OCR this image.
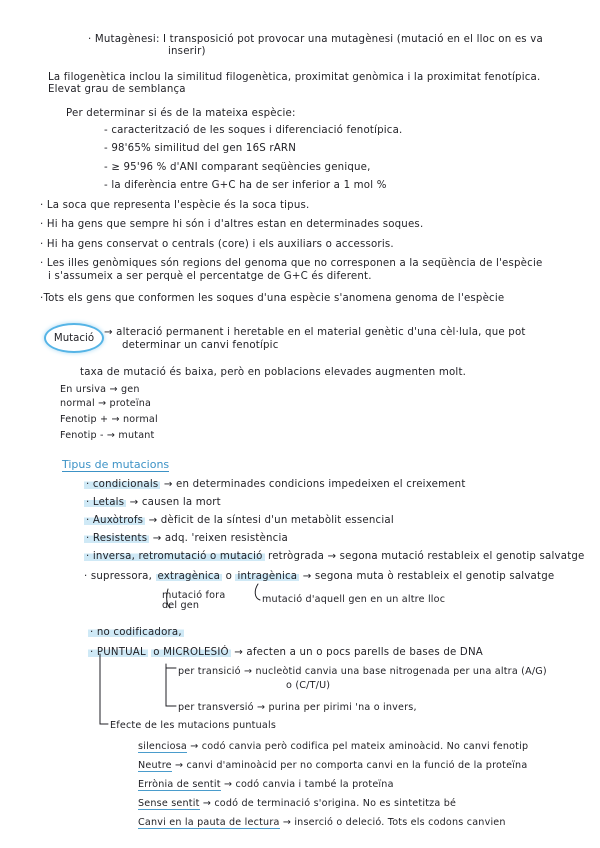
· Mutagènesi: I transposició pot provocar una mutagènesi (mutació en el lloc on es va
inserir)
La filogenètica inclou la similitud filogenètica, proximitat genòmica i la proximitat fenotípica.
Elevat grau de semblança
Per determinar si és de la mateixa espècie:
- caracterització de les soques i diferenciació fenotípica.
- 98'65% similitud del gen 16S rARN
- ≥ 95'96 % d'ANI comparant seqüències genique,
- la diferència entre G+C ha de ser inferior a 1 mol %
· La soca que representa l'espècie és la soca tipus.
· Hi ha gens que sempre hi són i d'altres estan en determinades soques.
· Hi ha gens conservat o centrals (core) i els auxiliars o accessoris.
· Les illes genòmiques són regions del genoma que no corresponen a la seqüència de l'espècie
i s'assumeix a ser perquè el percentatge de G+C és diferent.
·Tots els gens que conformen les soques d'una espècie s'anomena genoma de l'espècie
Mutació → alteració permanent i heretable en el material genètic d'una cèl·lula, que pot
determinar un canvi fenotípic
taxa de mutació és baixa, però en poblacions elevades augmenten molt.
En ursiva → gen
normal → proteïna
Fenotip + → normal
Fenotip - → mutant
Tipus de mutacions
· condicionals → en determinades condicions impedeixen el creixement
· Letals → causen la mort
· Auxòtrofs → dèficit de la síntesi d'un metabòlit essencial
· Resistents → adq. 'reixen resistència
· inversa, retromutació o mutació retrògrada → segona mutació restableix el genotip salvatge
· supressora, extragènica o intragènica → segona muta ò restableix el genotip salvatge
mutació fora
del gen
mutació d'aquell gen en un altre lloc
· no codificadora,
· PUNTUAL o MICROLESIÓ → afecten a un o pocs parells de bases de DNA
per transició → nucleòtid canvia una base nitrogenada per una altra (A/G)
o (C/T/U)
per transversió → purina per pirimi 'na o invers,
Efecte de les mutacions puntuals
silenciosa → codó canvia però codifica pel mateix aminoàcid. No canvi fenotip
Neutre → canvi d'aminoàcid per no comporta canvi en la funció de la proteïna
Errònia de sentit → codó canvia i també la proteïna
Sense sentit → codó de terminació s'origina. No es sintetitza bé
Canvi en la pauta de lectura → inserció o deleció. Tots els codons canvien
